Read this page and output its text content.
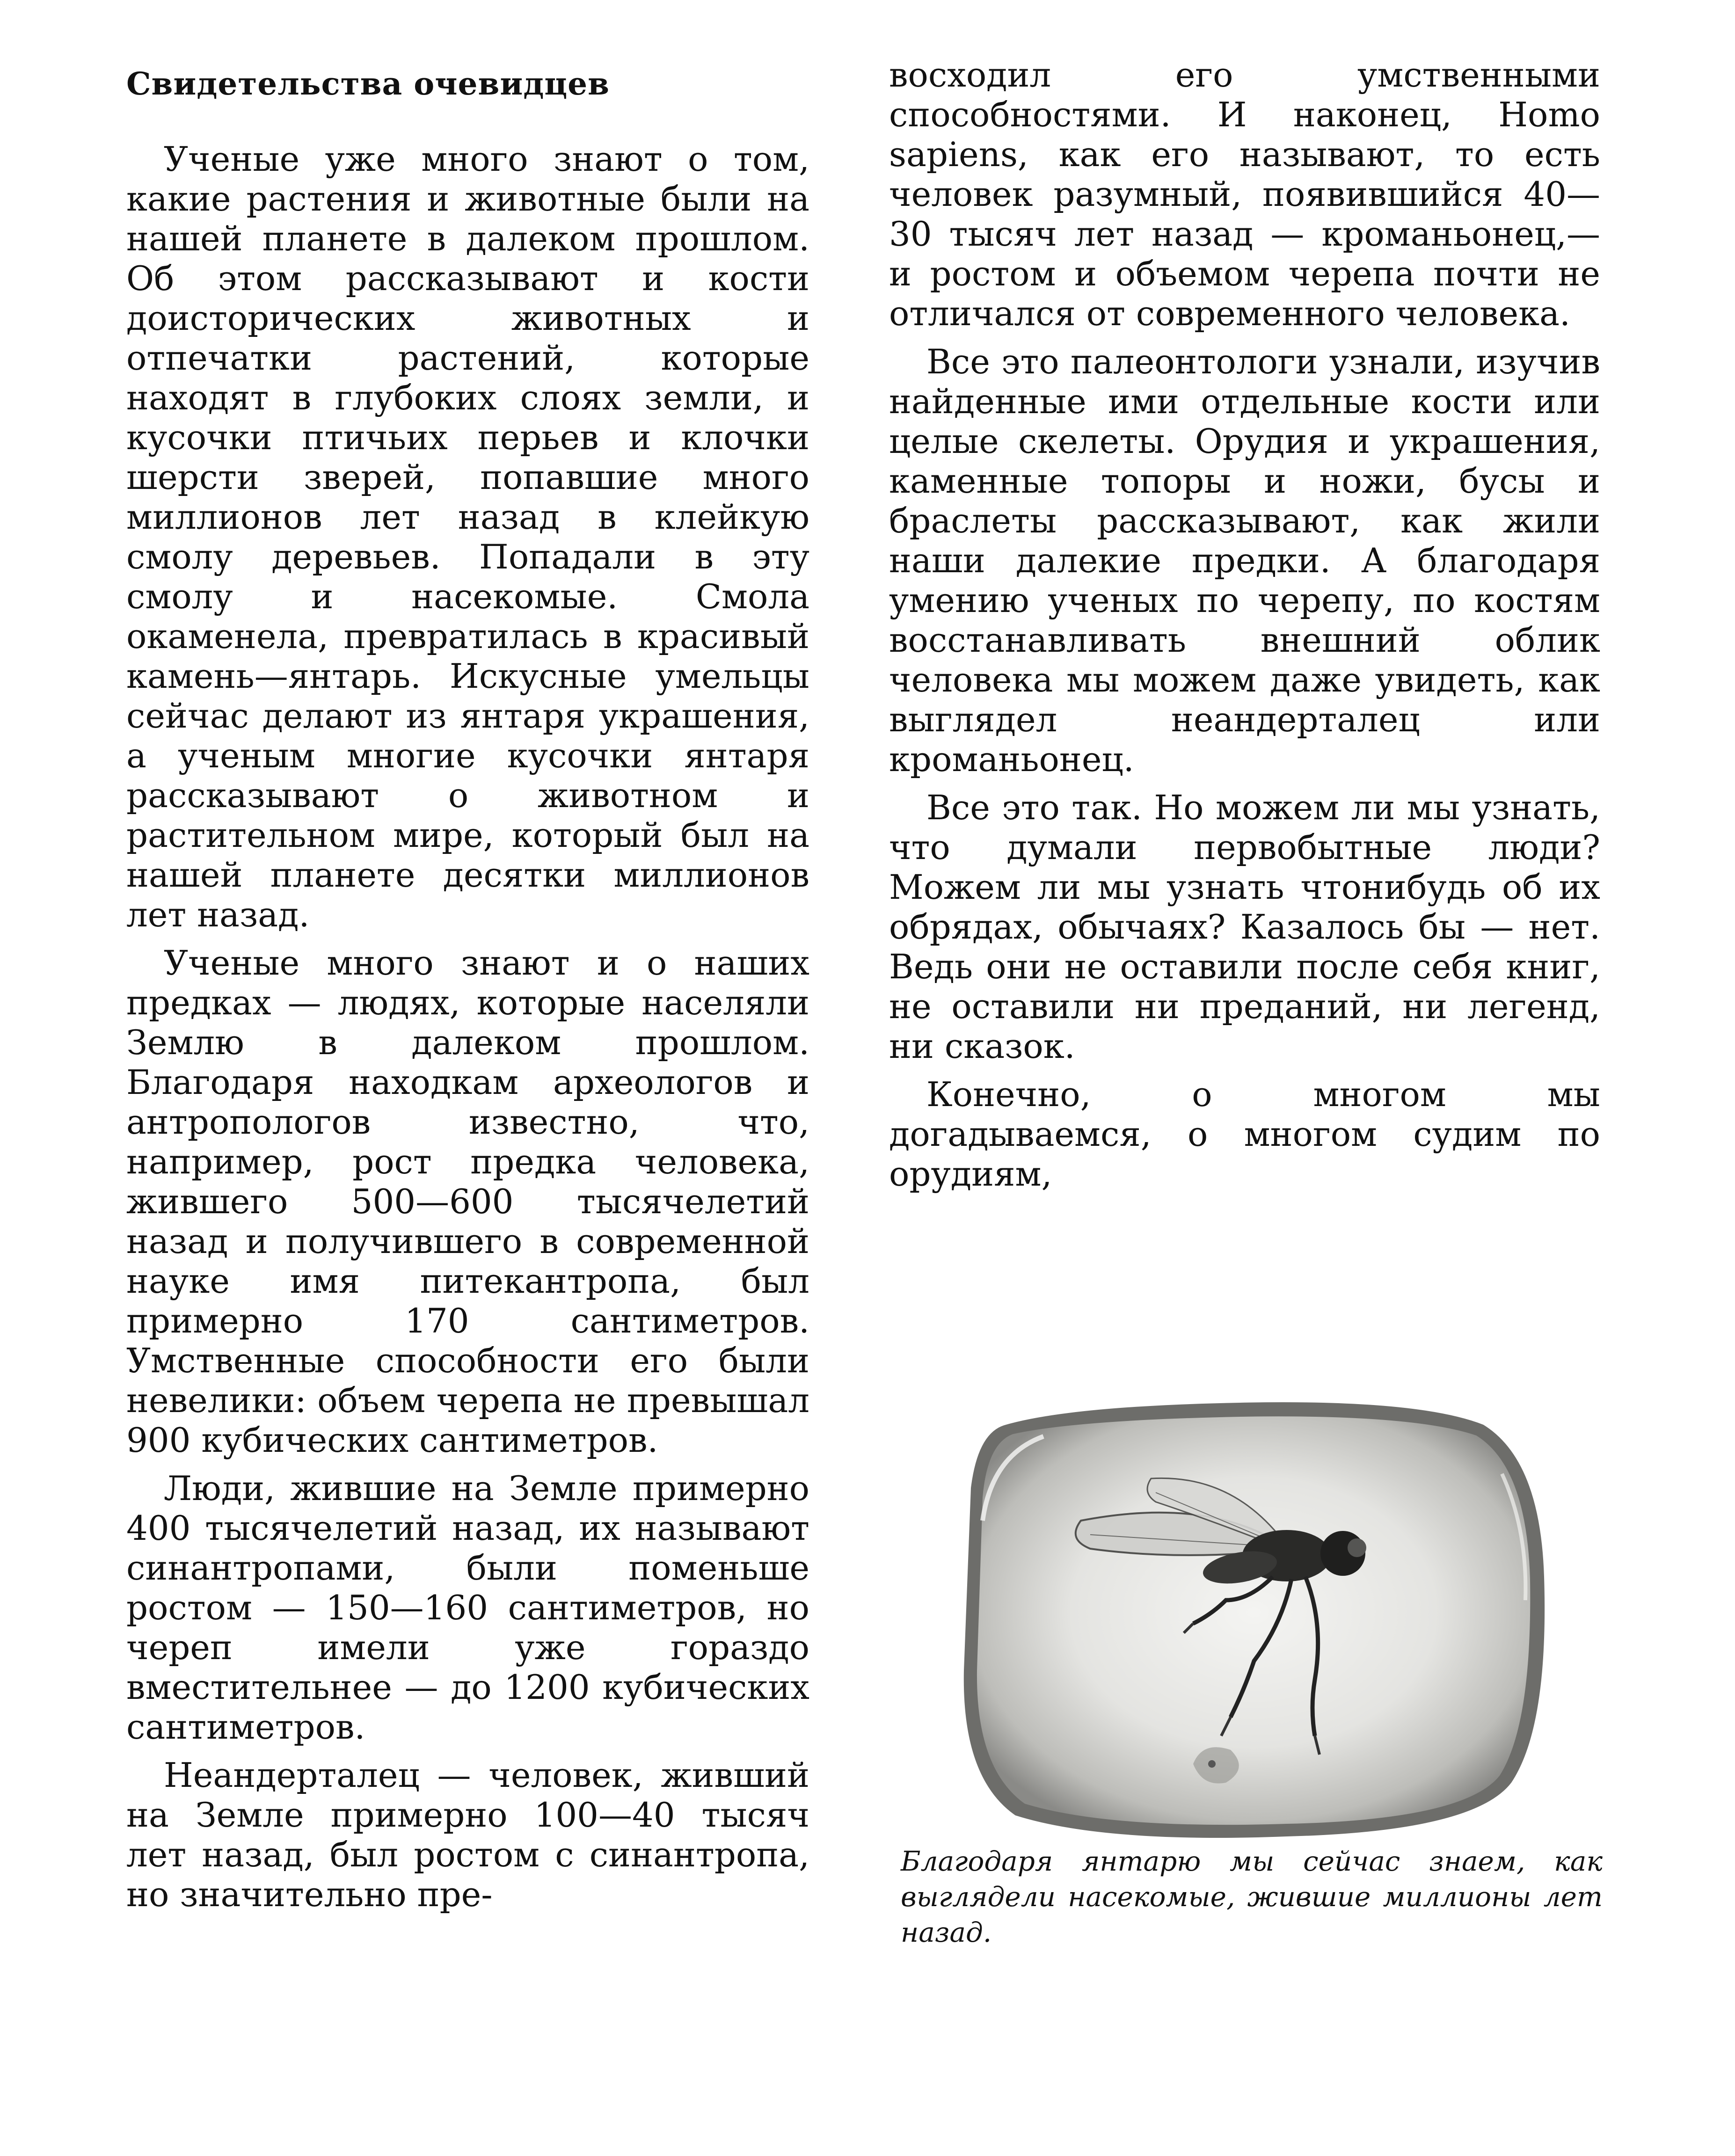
Свидетельства очевидцев

Ученые уже много знают о том, какие растения и животные были на нашей планете в далеком прошлом. Об этом рассказывают и кости доисторических животных и отпечатки растений, которые находят в глубоких слоях земли, и кусочки птичьих перьев и клочки шерсти зверей, попавшие много миллионов лет назад в клейкую смолу деревьев. Попадали в эту смолу и насекомые. Смола окаменела, превратилась в красивый камень—янтарь. Искусные умельцы сейчас делают из янтаря украшения, а ученым многие кусочки янтаря рассказывают о животном и растительном мире, который был на нашей планете десятки миллионов лет назад.

Ученые много знают и о наших предках — людях, которые населяли Землю в далеком прошлом. Благодаря находкам археологов и антропологов известно, что, например, рост предка человека, жившего 500—600 тысячелетий назад и получившего в современной науке имя питекантропа, был примерно 170 сантиметров. Умственные способности его были невелики: объем черепа не превышал 900 кубических сантиметров.

Люди, жившие на Земле примерно 400 тысячелетий назад, их называют синантропами, были поменьше ростом — 150—160 сантиметров, но череп имели уже гораздо вместительнее — до 1200 кубических сантиметров.

Неандерталец — человек, живший на Земле примерно 100—40 тысяч лет назад, был ростом с синантропа, но значительно пре-

восходил его умственными способностями. И наконец, Homo sapiens, как его называют, то есть человек разумный, появившийся 40—30 тысяч лет назад — кроманьонец,— и ростом и объемом черепа почти не отличался от современного человека.

Все это палеонтологи узнали, изучив найденные ими отдельные кости или целые скелеты. Орудия и украшения, каменные топоры и ножи, бусы и браслеты рассказывают, как жили наши далекие предки. А благодаря умению ученых по черепу, по костям восстанавливать внешний облик человека мы можем даже увидеть, как выглядел неандерталец или кроманьонец.

Все это так. Но можем ли мы узнать, что думали первобытные люди? Можем ли мы узнать чтонибудь об их обрядах, обычаях? Казалось бы — нет. Ведь они не оставили после себя книг, не оставили ни преданий, ни легенд, ни сказок.

Конечно, о многом мы догадываемся, о многом судим по орудиям,

Благодаря янтарю мы сейчас знаем, как выглядели насекомые, жившие миллионы лет назад.
